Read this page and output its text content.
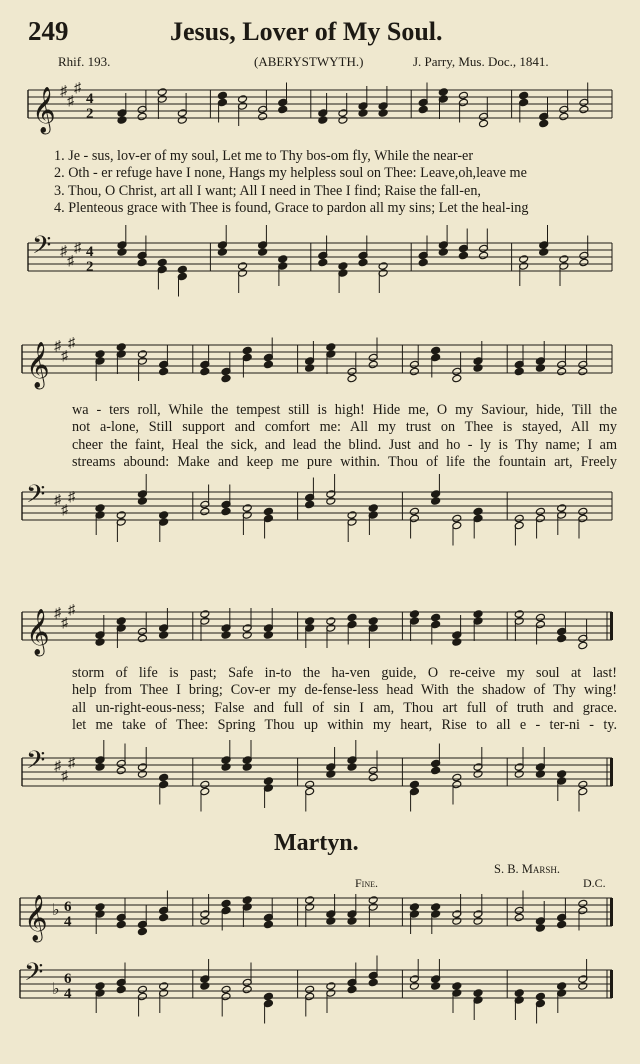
249	Jesus, Lover of My Soul.
Rhif. 193.	(ABERYSTWYTH.)	J. Parry, Mus. Doc., 1841.
𝄞 ♯
♯
♯
4
2
1. Je - sus, lov-er of my soul, Let me to Thy bos-om fly, While the near-er
2. Oth - er refuge have I none, Hangs my helpless soul on Thee: Leave,oh,leave me
3. Thou, O Christ, art all I want; All I need in Thee I find; Raise the fall-en,
4. Plenteous grace with Thee is found, Grace to pardon all my sins; Let the heal-ing
𝄢 ♯
♯
♯ 4
2
𝄞 ♯
♯
♯
wa - ters roll, While the tempest still is high! Hide me, O my Saviour, hide, Till the
not a-lone, Still support and comfort me: All my trust on Thee is stayed, All my
cheer the faint, Heal the sick, and lead the blind. Just and ho - ly is Thy name; I am
streams abound: Make and keep me pure within. Thou of life the fountain art, Freely
𝄢 ♯
♯
♯
𝄞 ♯
♯
♯
storm of life is past; Safe in-to the ha-ven guide, O re-ceive my soul at last!
help from Thee I bring; Cov-er my de-fense-less head With the shadow of Thy wing!
all un-right-eous-ness; False and full of sin I am, Thou art full of truth and grace.
let me take of Thee: Spring Thou up within my heart, Rise to all e - ter-ni - ty.
𝄢 ♯
♯
♯
Martyn.
S. B. Marsh.
Fine.	D.C.
𝄞 ♭ 6
4
𝄢 ♭
6
4
